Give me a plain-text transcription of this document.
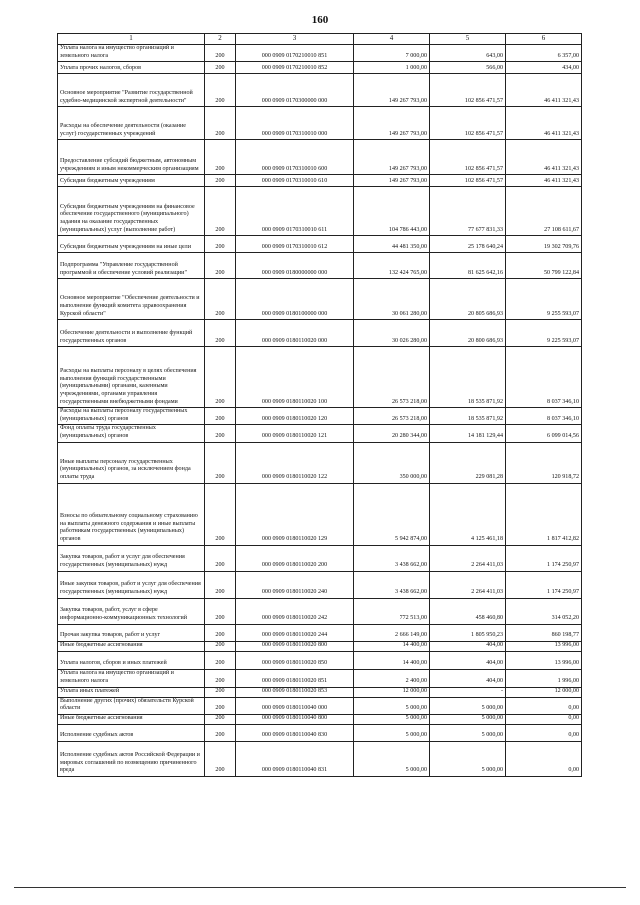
160
1	2	3	4	5	6
Уплата налога на имущество организаций и земельного налога	200	000 0909 0170210010 851	7 000,00	643,00	6 357,00
Уплата прочих налогов, сборов	200	000 0909 0170210010 852	1 000,00	566,00	434,00
Основное мероприятие "Развитие государственной судебно-медицинской экспертной деятельности"	200	000 0909 0170300000 000	149 267 793,00	102 856 471,57	46 411 321,43
Расходы на обеспечение деятельности (оказание услуг) государственных учреждений	200	000 0909 0170310010 000	149 267 793,00	102 856 471,57	46 411 321,43
Предоставление субсидий бюджетным, автономным учреждениям и иным некоммерческим организациям	200	000 0909 0170310010 600	149 267 793,00	102 856 471,57	46 411 321,43
Субсидии бюджетным учреждениям	200	000 0909 0170310010 610	149 267 793,00	102 856 471,57	46 411 321,43
Субсидии бюджетным учреждениям на финансовое обеспечение государственного (муниципального) задания на оказание государственных (муниципальных) услуг (выполнение работ)	200	000 0909 0170310010 611	104 786 443,00	77 677 831,33	27 108 611,67
Субсидии бюджетным учреждениям на иные цели	200	000 0909 0170310010 612	44 481 350,00	25 178 640,24	19 302 709,76
Подпрограмма "Управление государственной программой и обеспечение условий реализации"	200	000 0909 0180000000 000	132 424 765,00	81 625 642,16	50 799 122,84
Основное мероприятие "Обеспечение деятельности и выполнение функций комитета здравоохранения Курской области"	200	000 0909 0180100000 000	30 061 280,00	20 805 686,93	9 255 593,07
Обеспечение деятельности и выполнение функций государственных органов	200	000 0909 0180110020 000	30 026 280,00	20 800 686,93	9 225 593,07
Расходы на выплаты персоналу в целях обеспечения выполнения функций государственными (муниципальными) органами, казенными учреждениями, органами управления государственными внебюджетными фондами	200	000 0909 0180110020 100	26 573 218,00	18 535 871,92	8 037 346,10
Расходы на выплаты персоналу государственных (муниципальных) органов	200	000 0909 0180110020 120	26 573 218,00	18 535 871,92	8 037 346,10
Фонд оплаты труда государственных (муниципальных) органов	200	000 0909 0180110020 121	20 280 344,00	14 181 129,44	6 099 014,56
Иные выплаты персоналу государственных (муниципальных) органов, за исключением фонда оплаты труда	200	000 0909 0180110020 122	350 000,00	229 081,28	120 918,72
Взносы по обязательному социальному страхованию на выплаты денежного содержания и иные выплаты работникам государственных (муниципальных) органов	200	000 0909 0180110020 129	5 942 874,00	4 125 461,18	1 817 412,82
Закупка товаров, работ и услуг для обеспечения государственных (муниципальных) нужд	200	000 0909 0180110020 200	3 438 662,00	2 264 411,03	1 174 250,97
Иные закупки товаров, работ и услуг для обеспечения государственных (муниципальных) нужд	200	000 0909 0180110020 240	3 438 662,00	2 264 411,03	1 174 250,97
Закупка товаров, работ, услуг в сфере информационно-коммуникационных технологий	200	000 0909 0180110020 242	772 513,00	458 460,80	314 052,20
Прочая закупка товаров, работ и услуг	200	000 0909 0180110020 244	2 666 149,00	1 805 950,23	860 198,77
Иные бюджетные ассигнования	200	000 0909 0180110020 800	14 400,00	404,00	13 996,00
Уплата налогов, сборов и иных платежей	200	000 0909 0180110020 850	14 400,00	404,00	13 996,00
Уплата налога на имущество организаций и земельного налога	200	000 0909 0180110020 851	2 400,00	404,00	1 996,00
Уплата иных платежей	200	000 0909 0180110020 853	12 000,00	-	12 000,00
Выполнение других (прочих) обязательств Курской области	200	000 0909 0180110040 000	5 000,00	5 000,00	0,00
Иные бюджетные ассигнования	200	000 0909 0180110040 800	5 000,00	5 000,00	0,00
Исполнение судебных актов	200	000 0909 0180110040 830	5 000,00	5 000,00	0,00
Исполнение судебных актов Российской Федерации и мировых соглашений по возмещению причиненного вреда	200	000 0909 0180110040 831	5 000,00	5 000,00	0,00
